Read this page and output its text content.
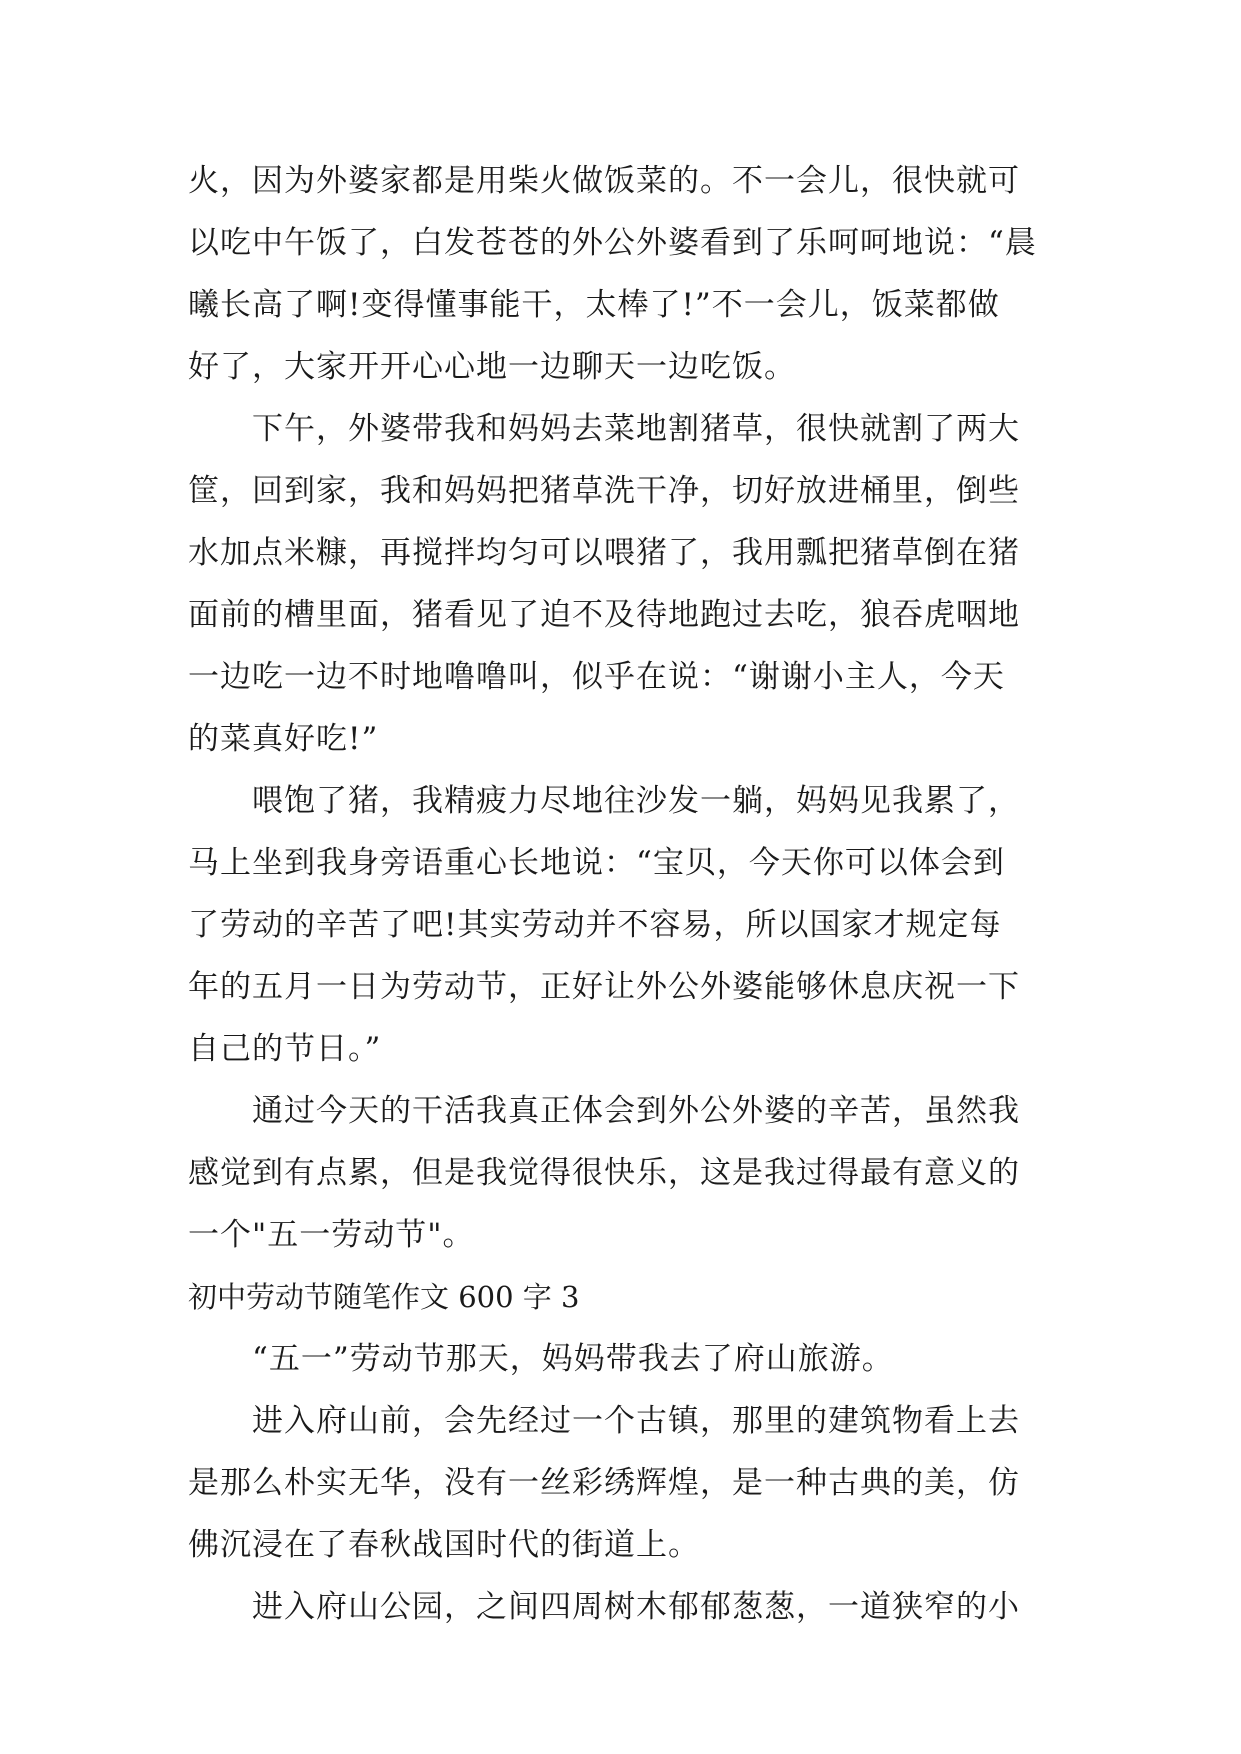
火，因为外婆家都是用柴火做饭菜的。不一会儿，很快就可
以吃中午饭了，白发苍苍的外公外婆看到了乐呵呵地说：“晨
曦长高了啊!变得懂事能干，太棒了!”不一会儿，饭菜都做
好了，大家开开心心地一边聊天一边吃饭。
下午，外婆带我和妈妈去菜地割猪草，很快就割了两大
筐，回到家，我和妈妈把猪草洗干净，切好放进桶里，倒些
水加点米糠，再搅拌均匀可以喂猪了，我用瓢把猪草倒在猪
面前的槽里面，猪看见了迫不及待地跑过去吃，狼吞虎咽地
一边吃一边不时地噜噜叫，似乎在说：“谢谢小主人，今天
的菜真好吃!”
喂饱了猪，我精疲力尽地往沙发一躺，妈妈见我累了，
马上坐到我身旁语重心长地说：“宝贝，今天你可以体会到
了劳动的辛苦了吧!其实劳动并不容易，所以国家才规定每
年的五月一日为劳动节，正好让外公外婆能够休息庆祝一下
自己的节日。”
通过今天的干活我真正体会到外公外婆的辛苦，虽然我
感觉到有点累，但是我觉得很快乐，这是我过得最有意义的
一个"五一劳动节"。
初中劳动节随笔作文 600 字 3
“五一”劳动节那天，妈妈带我去了府山旅游。
进入府山前，会先经过一个古镇，那里的建筑物看上去
是那么朴实无华，没有一丝彩绣辉煌，是一种古典的美，仿
佛沉浸在了春秋战国时代的街道上。
进入府山公园，之间四周树木郁郁葱葱，一道狭窄的小
